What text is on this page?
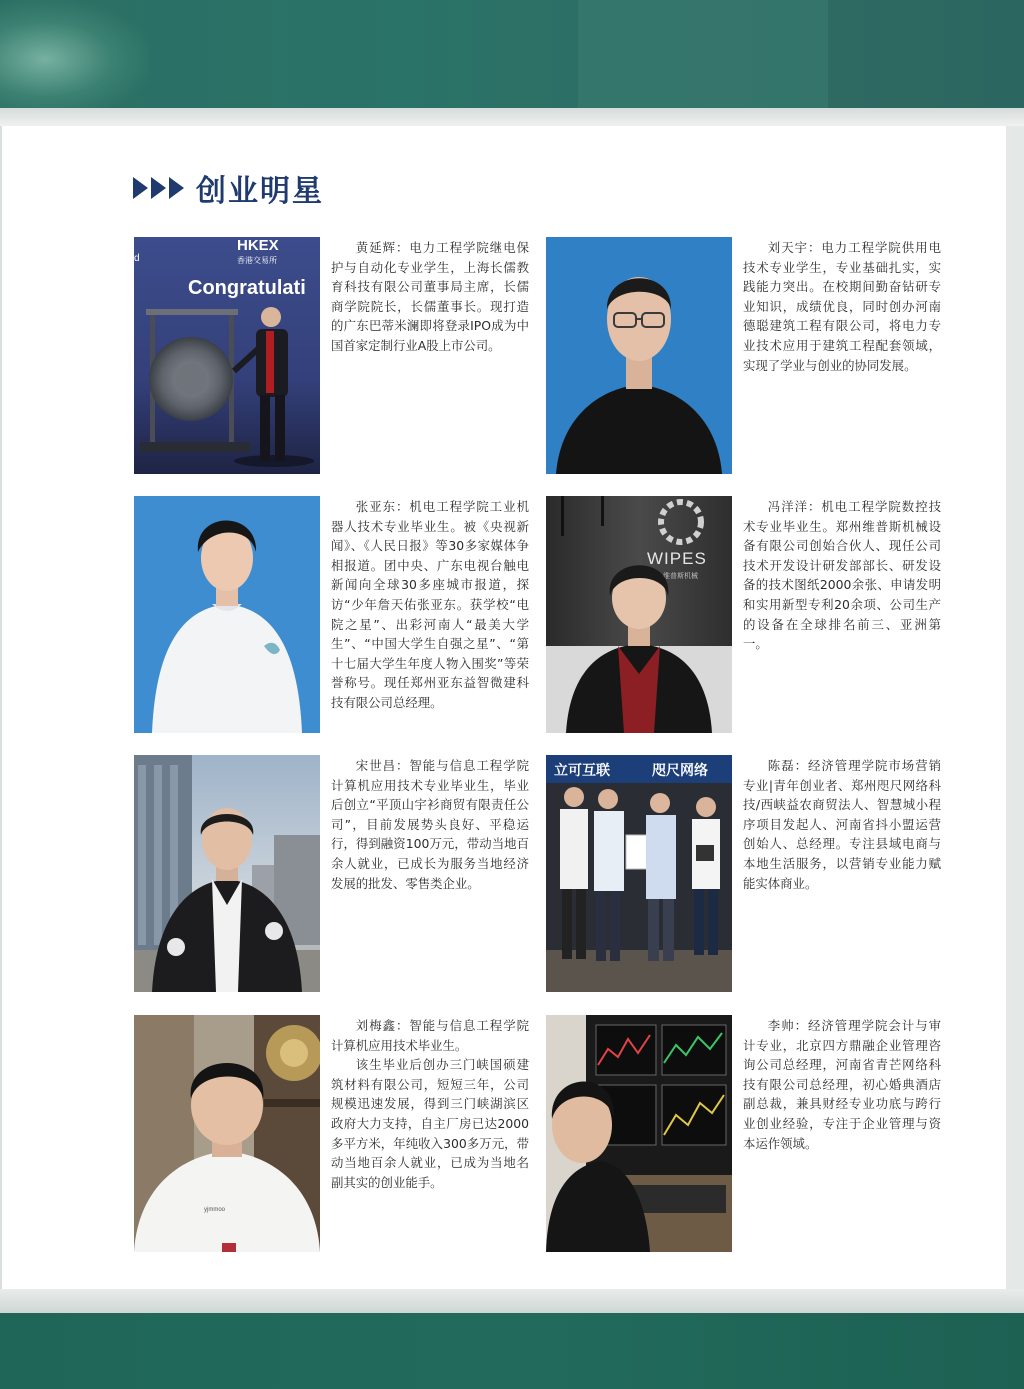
创业明星
HKEX
香港交易所
d
Congratulati

黄延辉：电力工程学院继电保护与自动化专业学生，上海长儒教育科技有限公司董事局主席，长儒商学院院长，长儒董事长。现打造的广东巴蒂米澜即将登录IPO成为中国首家定制行业A股上市公司。

刘天宇：电力工程学院供用电技术专业学生，专业基础扎实，实践能力突出。在校期间勤奋钻研专业知识，成绩优良，同时创办河南德聪建筑工程有限公司，将电力专业技术应用于建筑工程配套领域，实现了学业与创业的协同发展。

张亚东：机电工程学院工业机器人技术专业毕业生。被《央视新闻》、《人民日报》等30多家媒体争相报道。团中央、广东电视台触电新闻向全球30多座城市报道，探访“少年詹天佑张亚东。获学校“电院之星”、出彩河南人“最美大学生”、“中国大学生自强之星”、“第十七届大学生年度人物入围奖”等荣誉称号。现任郑州亚东益智微建科技有限公司总经理。

WIPES
维普斯机械

冯洋洋：机电工程学院数控技术专业毕业生。郑州维普斯机械设备有限公司创始合伙人、现任公司技术开发设计研发部部长、研发设备的技术图纸2000余张、申请发明和实用新型专利20余项、公司生产的设备在全球排名前三、亚洲第一。

宋世昌：智能与信息工程学院计算机应用技术专业毕业生，毕业后创立“平顶山宇衫商贸有限责任公司”，目前发展势头良好、平稳运行，得到融资100万元，带动当地百余人就业，已成长为服务当地经济发展的批发、零售类企业。

立可互联	咫尺网络	陈磊：经济管理学院市场营销专业|青年创业者、郑州咫尺网络科技/西峡益农商贸法人、智慧城小程序项目发起人、河南省抖小盟运营创始人、总经理。专注县域电商与本地生活服务，以营销专业能力赋能实体商业。

yjmmoo

刘梅鑫：智能与信息工程学院计算机应用技术毕业生。

该生毕业后创办三门峡国硕建筑材料有限公司，短短三年，公司规模迅速发展，得到三门峡湖滨区政府大力支持，自主厂房已达2000多平方米，年纯收入300多万元，带动当地百余人就业，已成为当地名副其实的创业能手。

李帅：经济管理学院会计与审计专业，北京四方鼎融企业管理咨询公司总经理，河南省青芒网络科技有限公司总经理，初心婚典酒店副总裁，兼具财经专业功底与跨行业创业经验，专注于企业管理与资本运作领域。
